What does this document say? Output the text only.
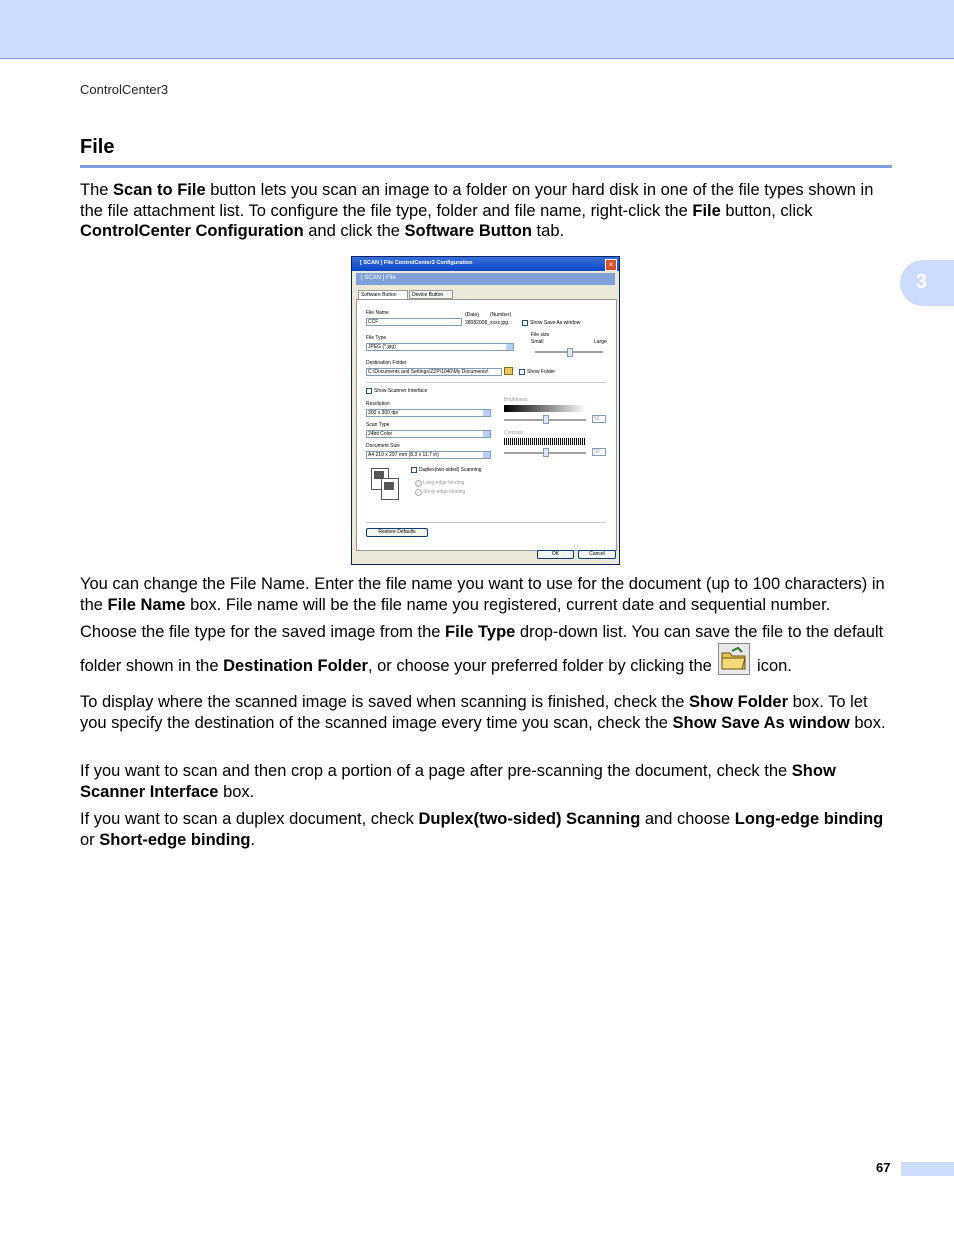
ControlCenter3
File
3
The Scan to File button lets you scan an image to a folder on your hard disk in one of the file types shown in the file attachment list. To configure the file type, folder and file name, right-click the File button, click ControlCenter Configuration and click the Software Button tab.
[ SCAN ] File ControlCenter3 Configuration	×
[ SCAN ] File
Software Button	Device Button
File Name	(Date) (Number)
CCF	28082008_xxxx.jpg	Show Save As window
File Type
JPEG (*.jpg)
File size
Small	Large
Destination Folder
C:\Documents and Settings\ZZP\1040\My Documents\	Show Folder
Show Scanner Interface
Resolution
300 x 300 dpi
Brightness
50
Scan Type
24bit Color	Contrast
50
Document Size
A4 210 x 297 mm (8.3 x 11.7 in)
Duplex(two-sided) Scanning
Long-edge binding
Short-edge binding
Restore Defaults
OK	Cancel
You can change the File Name. Enter the file name you want to use for the document (up to 100 characters) in the File Name box. File name will be the file name you registered, current date and sequential number.
Choose the file type for the saved image from the File Type drop-down list. You can save the file to the default folder shown in the Destination Folder, or choose your preferred folder by clicking the  icon.
To display where the scanned image is saved when scanning is finished, check the Show Folder box. To let you specify the destination of the scanned image every time you scan, check the Show Save As window box.
If you want to scan and then crop a portion of a page after pre-scanning the document, check the Show Scanner Interface box.
If you want to scan a duplex document, check Duplex(two-sided) Scanning and choose Long-edge binding or Short-edge binding.
67
